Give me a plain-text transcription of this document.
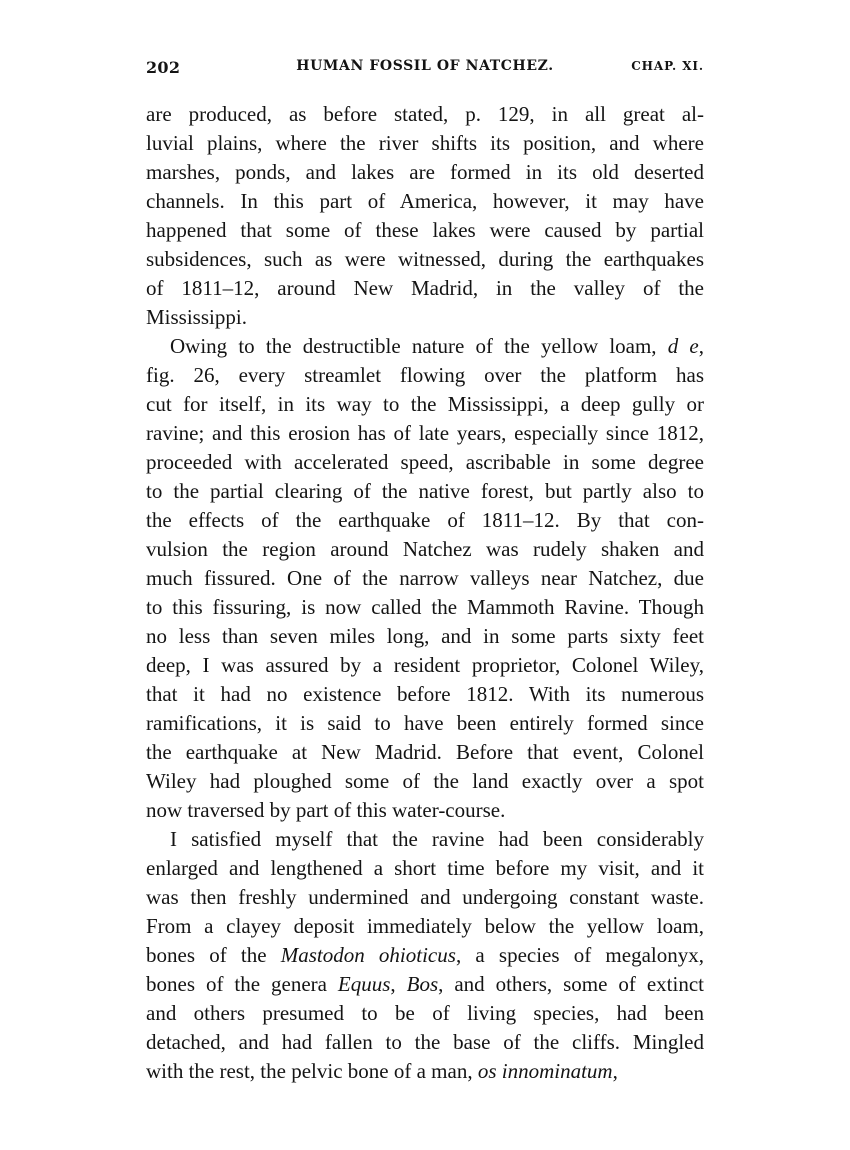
202	HUMAN FOSSIL OF NATCHEZ.	CHAP. XI.

are produced, as before stated, p. 129, in all great al-
luvial plains, where the river shifts its position, and where
marshes, ponds, and lakes are formed in its old deserted
channels. In this part of America, however, it may have
happened that some of these lakes were caused by partial
subsidences, such as were witnessed, during the earthquakes
of 1811–12, around New Madrid, in the valley of the
Mississippi.

Owing to the destructible nature of the yellow loam, d e,
fig. 26, every streamlet flowing over the platform has
cut for itself, in its way to the Mississippi, a deep gully or
ravine; and this erosion has of late years, especially since 1812,
proceeded with accelerated speed, ascribable in some degree
to the partial clearing of the native forest, but partly also to
the effects of the earthquake of 1811–12. By that con-
vulsion the region around Natchez was rudely shaken and
much fissured. One of the narrow valleys near Natchez, due
to this fissuring, is now called the Mammoth Ravine. Though
no less than seven miles long, and in some parts sixty feet
deep, I was assured by a resident proprietor, Colonel Wiley,
that it had no existence before 1812. With its numerous
ramifications, it is said to have been entirely formed since
the earthquake at New Madrid. Before that event, Colonel
Wiley had ploughed some of the land exactly over a spot
now traversed by part of this water-course.

I satisfied myself that the ravine had been considerably
enlarged and lengthened a short time before my visit, and it
was then freshly undermined and undergoing constant waste.
From a clayey deposit immediately below the yellow loam,
bones of the Mastodon ohioticus, a species of megalonyx,
bones of the genera Equus, Bos, and others, some of extinct
and others presumed to be of living species, had been
detached, and had fallen to the base of the cliffs. Mingled
with the rest, the pelvic bone of a man, os innominatum,
